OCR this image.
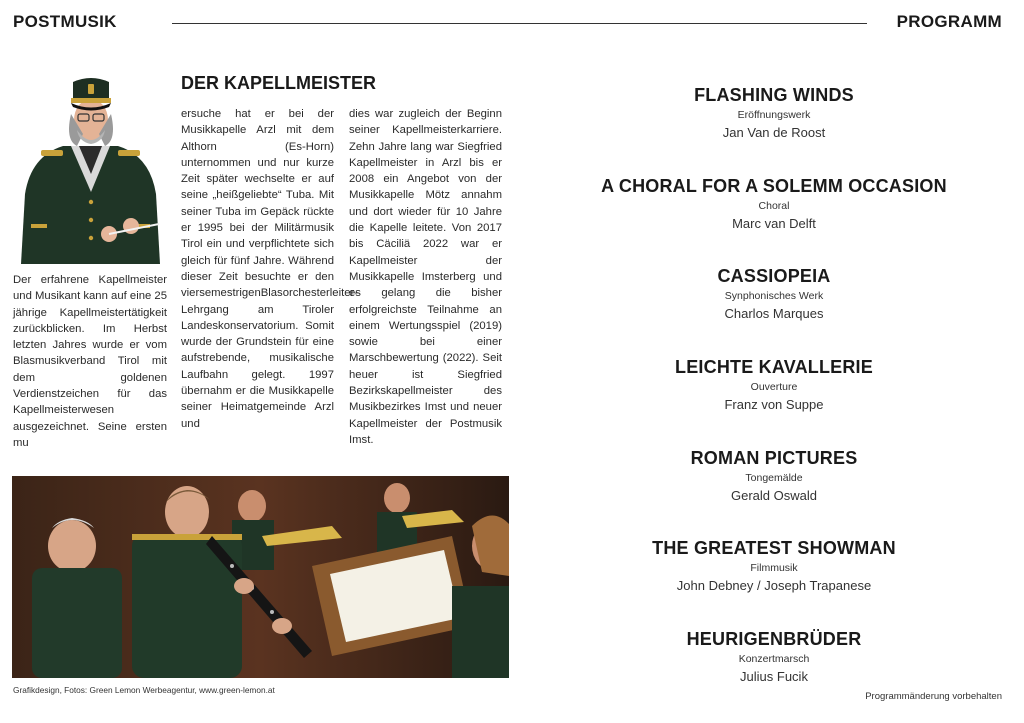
POSTMUSIK	PROGRAMM
DER KAPELLMEISTER

Der erfahrene Kapellmeister und Musikant kann auf eine 25 jährige Kapellmeistertätigkeit zurückblicken. Im Herbst letzten Jahres wurde er vom Blasmusikverband Tirol mit dem goldenen Verdienstzeichen für das Kapellmeisterwesen ausgezeichnet. Seine ersten mu

ersuche hat er bei der Musikkapelle Arzl mit dem Althorn (Es-Horn) unternommen und nur kurze Zeit später wechselte er auf seine „heißgeliebte“ Tuba. Mit seiner Tuba im Gepäck rückte er 1995 bei der Militärmusik Tirol ein und verpflichtete sich gleich für fünf Jahre. Während dieser Zeit besuchte er den viersemestrigenBlasorchesterleiter-Lehrgang am Tiroler Landeskonservatorium. Somit wurde der Grundstein für eine aufstrebende, musikalische Laufbahn gelegt. 1997 übernahm er die Musikkapelle seiner Heimatgemeinde Arzl und

dies war zugleich der Beginn seiner Kapellmeisterkarriere. Zehn Jahre lang war Siegfried Kapellmeister in Arzl bis er 2008 ein Angebot von der Musikkapelle Mötz annahm und dort wieder für 10 Jahre die Kapelle leitete. Von 2017 bis Cäciliä 2022 war er Kapellmeister der Musikkapelle Imsterberg und es gelang die bisher erfolgreichste Teilnahme an einem Wertungsspiel (2019) sowie bei einer Marschbewertung (2022). Seit heuer ist Siegfried Bezirkskapellmeister des Musikbezirkes Imst und neuer Kapellmeister der Postmusik Imst.

Grafikdesign, Fotos: Green Lemon Werbeagentur, www.green-lemon.at
FLASHING WINDS
Eröffnungswerk
Jan Van de Roost
A CHORAL FOR A SOLEMM OCCASION
Choral
Marc van Delft
CASSIOPEIA
Synphonisches Werk
Charlos Marques
LEICHTE KAVALLERIE
Ouverture
Franz von Suppe
ROMAN PICTURES
Tongemälde
Gerald Oswald
THE GREATEST SHOWMAN
Filmmusik
John Debney / Joseph Trapanese
HEURIGENBRÜDER
Konzertmarsch
Julius Fucik
Programmänderung vorbehalten
